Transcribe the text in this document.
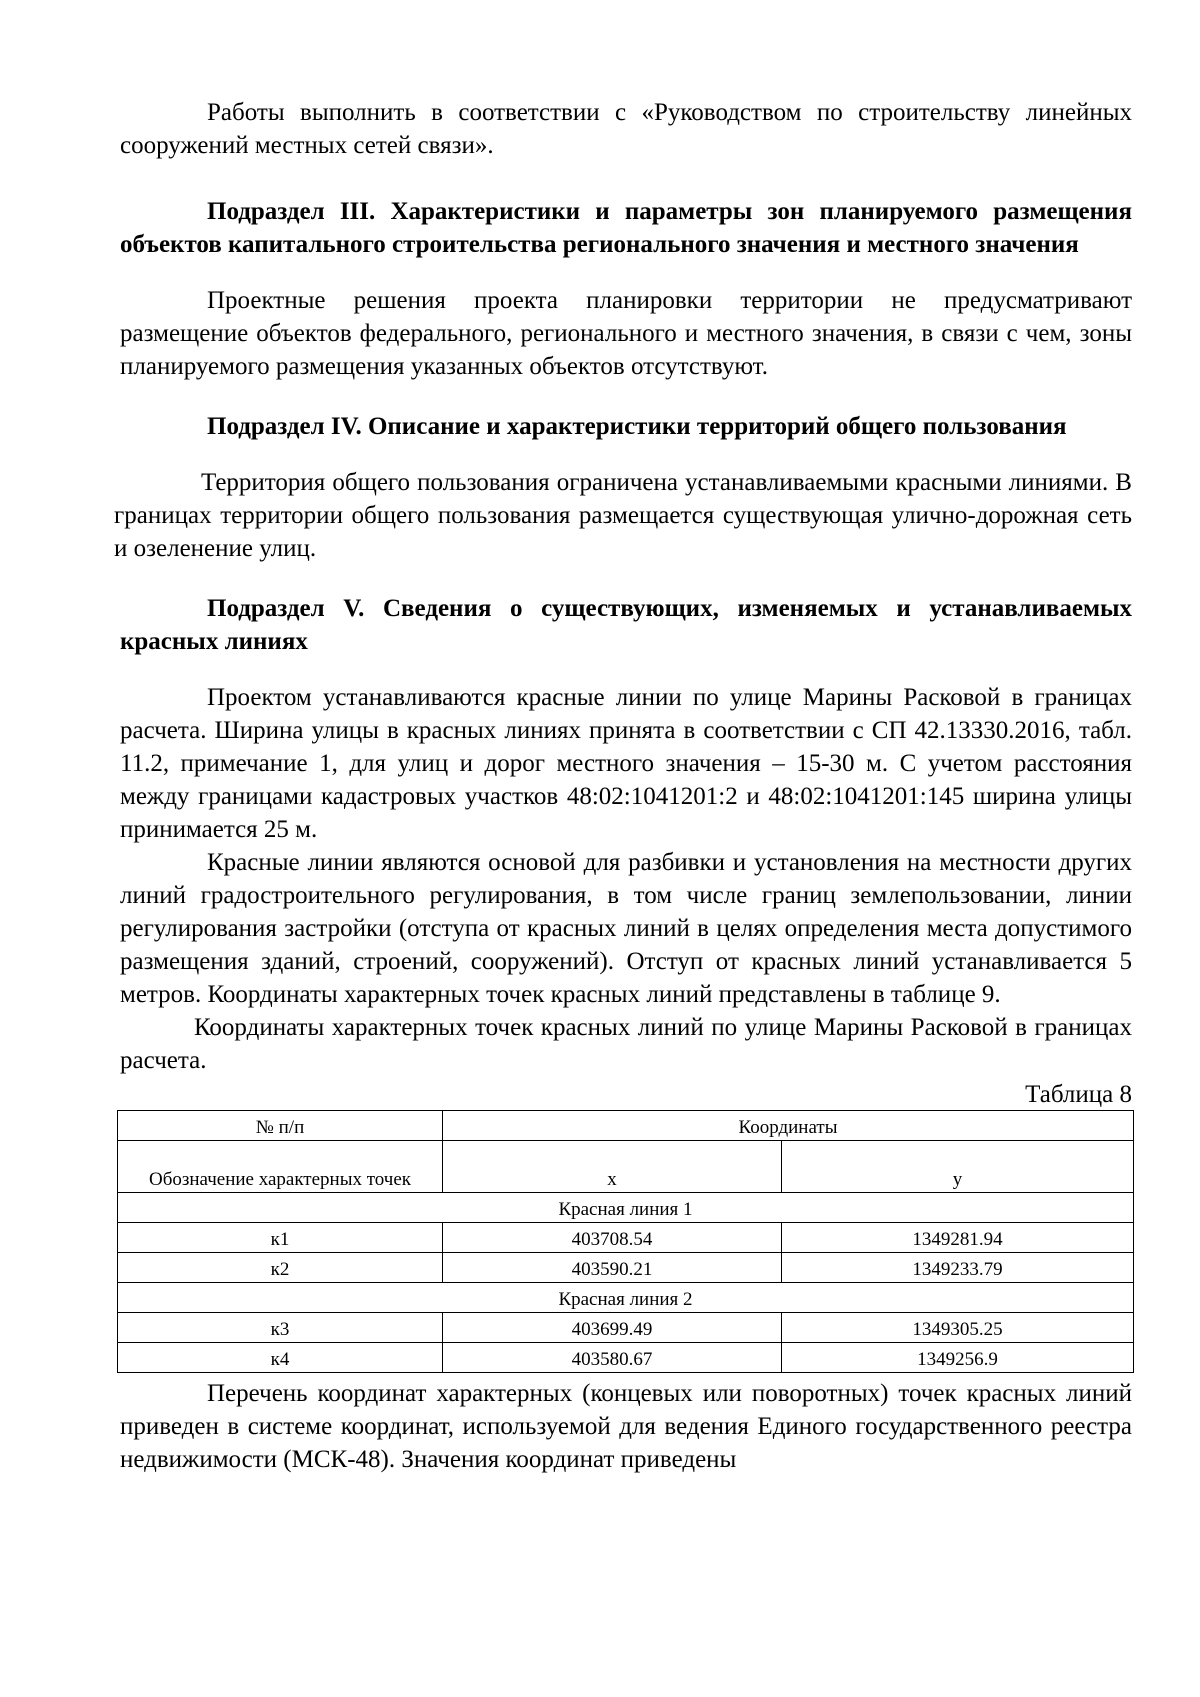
Работы выполнить в соответствии с «Руководством по строительству линейных сооружений местных сетей связи».

Подраздел III. Характеристики и параметры зон планируемого размещения объектов капитального строительства регионального значения и местного значения

Проектные решения проекта планировки территории не предусматривают размещение объектов федерального, регионального и местного значения, в связи с чем, зоны планируемого размещения указанных объектов отсутствуют.

Подраздел IV. Описание и характеристики территорий общего пользования

Территория общего пользования ограничена устанавливаемыми красными линиями. В границах территории общего пользования размещается существующая улично-дорожная сеть и озеленение улиц.

Подраздел V. Сведения о существующих, изменяемых и устанавливаемых красных линиях

Проектом устанавливаются красные линии по улице Марины Расковой в границах расчета. Ширина улицы в красных линиях принята в соответствии с СП 42.13330.2016, табл. 11.2, примечание 1, для улиц и дорог местного значения – 15-30 м. С учетом расстояния между границами кадастровых участков 48:02:1041201:2 и 48:02:1041201:145 ширина улицы принимается 25 м.

Красные линии являются основой для разбивки и установления на местности других линий градостроительного регулирования, в том числе границ землепользовании, линии регулирования застройки (отступа от красных линий в целях определения места допустимого размещения зданий, строений, сооружений). Отступ от красных линий устанавливается 5 метров. Координаты характерных точек красных линий представлены в таблице 9.

Координаты характерных точек красных линий по улице Марины Расковой в границах расчета.

Таблица 8
№ п/п	Координаты	
Обозначение характерных точек	x	y
Красная линия 1		
к1	403708.54	1349281.94
к2	403590.21	1349233.79
Красная линия 2		
к3	403699.49	1349305.25
к4	403580.67	1349256.9

Перечень координат характерных (концевых или поворотных) точек красных линий приведен в системе координат, используемой для ведения Единого государственного реестра недвижимости (МСК-48). Значения координат приведены
